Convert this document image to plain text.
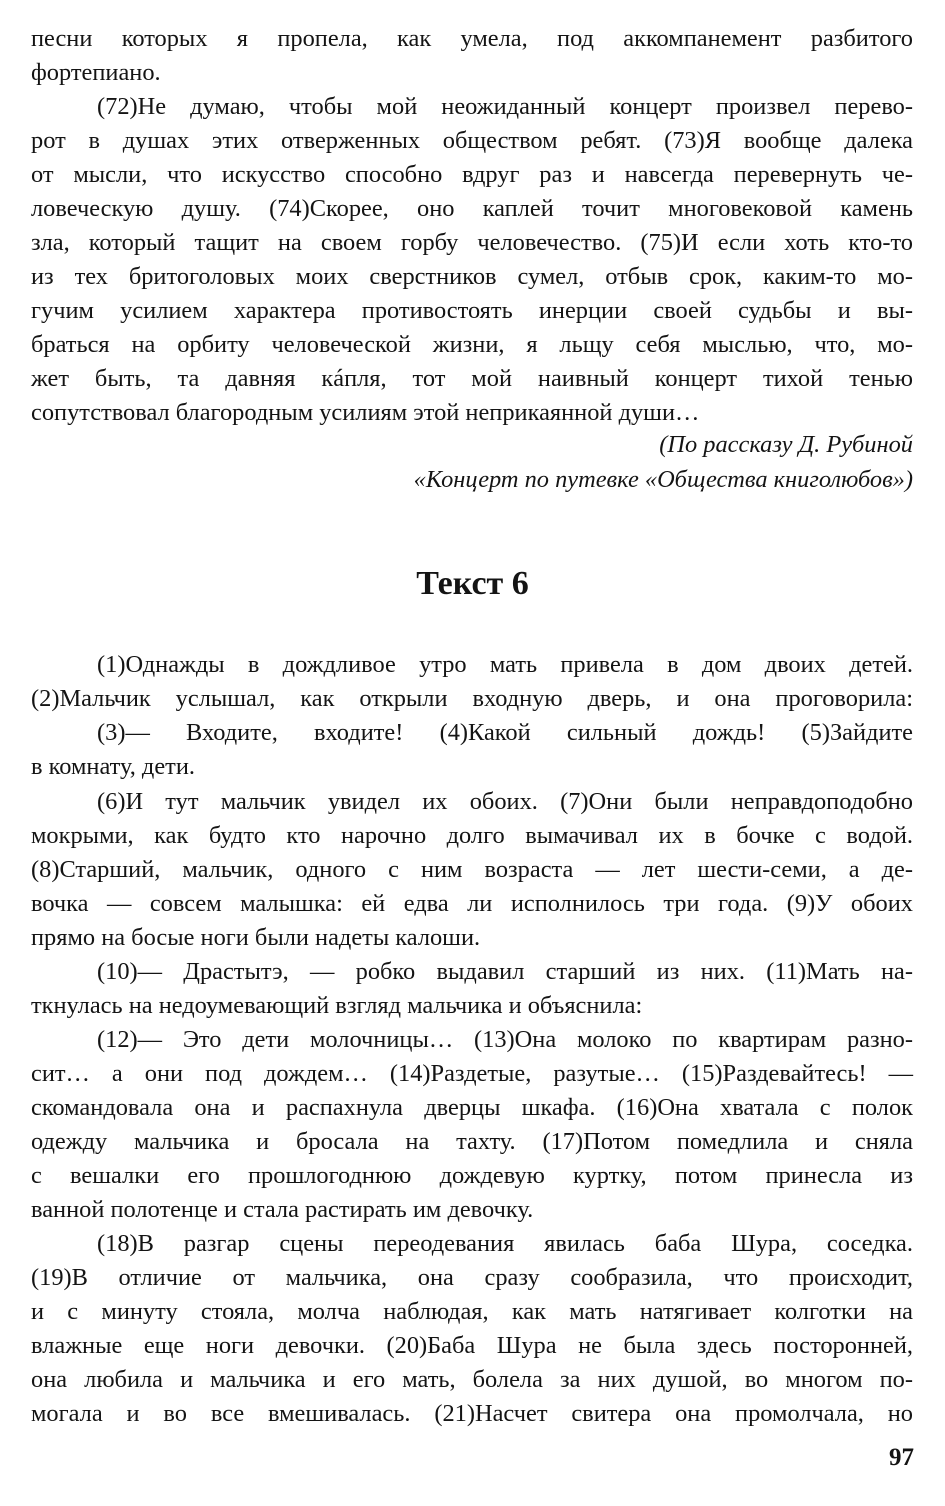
песни которых я пропела, как умела, под аккомпанемент разбитого
фортепиано.
(72)Не думаю, чтобы мой неожиданный концерт произвел перево-
рот в душах этих отверженных обществом ребят. (73)Я вообще далека
от мысли, что искусство способно вдруг раз и навсегда перевернуть че-
ловеческую душу. (74)Скорее, оно каплей точит многовековой камень
зла, который тащит на своем горбу человечество. (75)И если хоть кто-то
из тех бритоголовых моих сверстников сумел, отбыв срок, каким-то мо-
гучим усилием характера противостоять инерции своей судьбы и вы-
браться на орбиту человеческой жизни, я льщу себя мыслью, что, мо-
жет быть, та давняя кáпля, тот мой наивный концерт тихой тенью
сопутствовал благородным усилиям этой неприкаянной души…
(По рассказу Д. Рубиной
«Концерт по путевке «Общества книголюбов»)
Текст 6
(1)Однажды в дождливое утро мать привела в дом двоих детей.
(2)Мальчик услышал, как открыли входную дверь, и она проговорила:
(3)— Входите, входите! (4)Какой сильный дождь! (5)Зайдите
в комнату, дети.
(6)И тут мальчик увидел их обоих. (7)Они были неправдоподобно
мокрыми, как будто кто нарочно долго вымачивал их в бочке с водой.
(8)Старший, мальчик, одного с ним возраста — лет шести-семи, а де-
вочка — совсем малышка: ей едва ли исполнилось три года. (9)У обоих
прямо на босые ноги были надеты калоши.
(10)— Драстытэ, — робко выдавил старший из них. (11)Мать на-
ткнулась на недоумевающий взгляд мальчика и объяснила:
(12)— Это дети молочницы… (13)Она молоко по квартирам разно-
сит… а они под дождем… (14)Раздетые, разутые… (15)Раздевайтесь! —
скомандовала она и распахнула дверцы шкафа. (16)Она хватала с полок
одежду мальчика и бросала на тахту. (17)Потом помедлила и сняла
с вешалки его прошлогоднюю дождевую куртку, потом принесла из
ванной полотенце и стала растирать им девочку.
(18)В разгар сцены переодевания явилась баба Шура, соседка.
(19)В отличие от мальчика, она сразу сообразила, что происходит,
и с минуту стояла, молча наблюдая, как мать натягивает колготки на
влажные еще ноги девочки. (20)Баба Шура не была здесь посторонней,
она любила и мальчика и его мать, болела за них душой, во многом по-
могала и во все вмешивалась. (21)Насчет свитера она промолчала, но
97
